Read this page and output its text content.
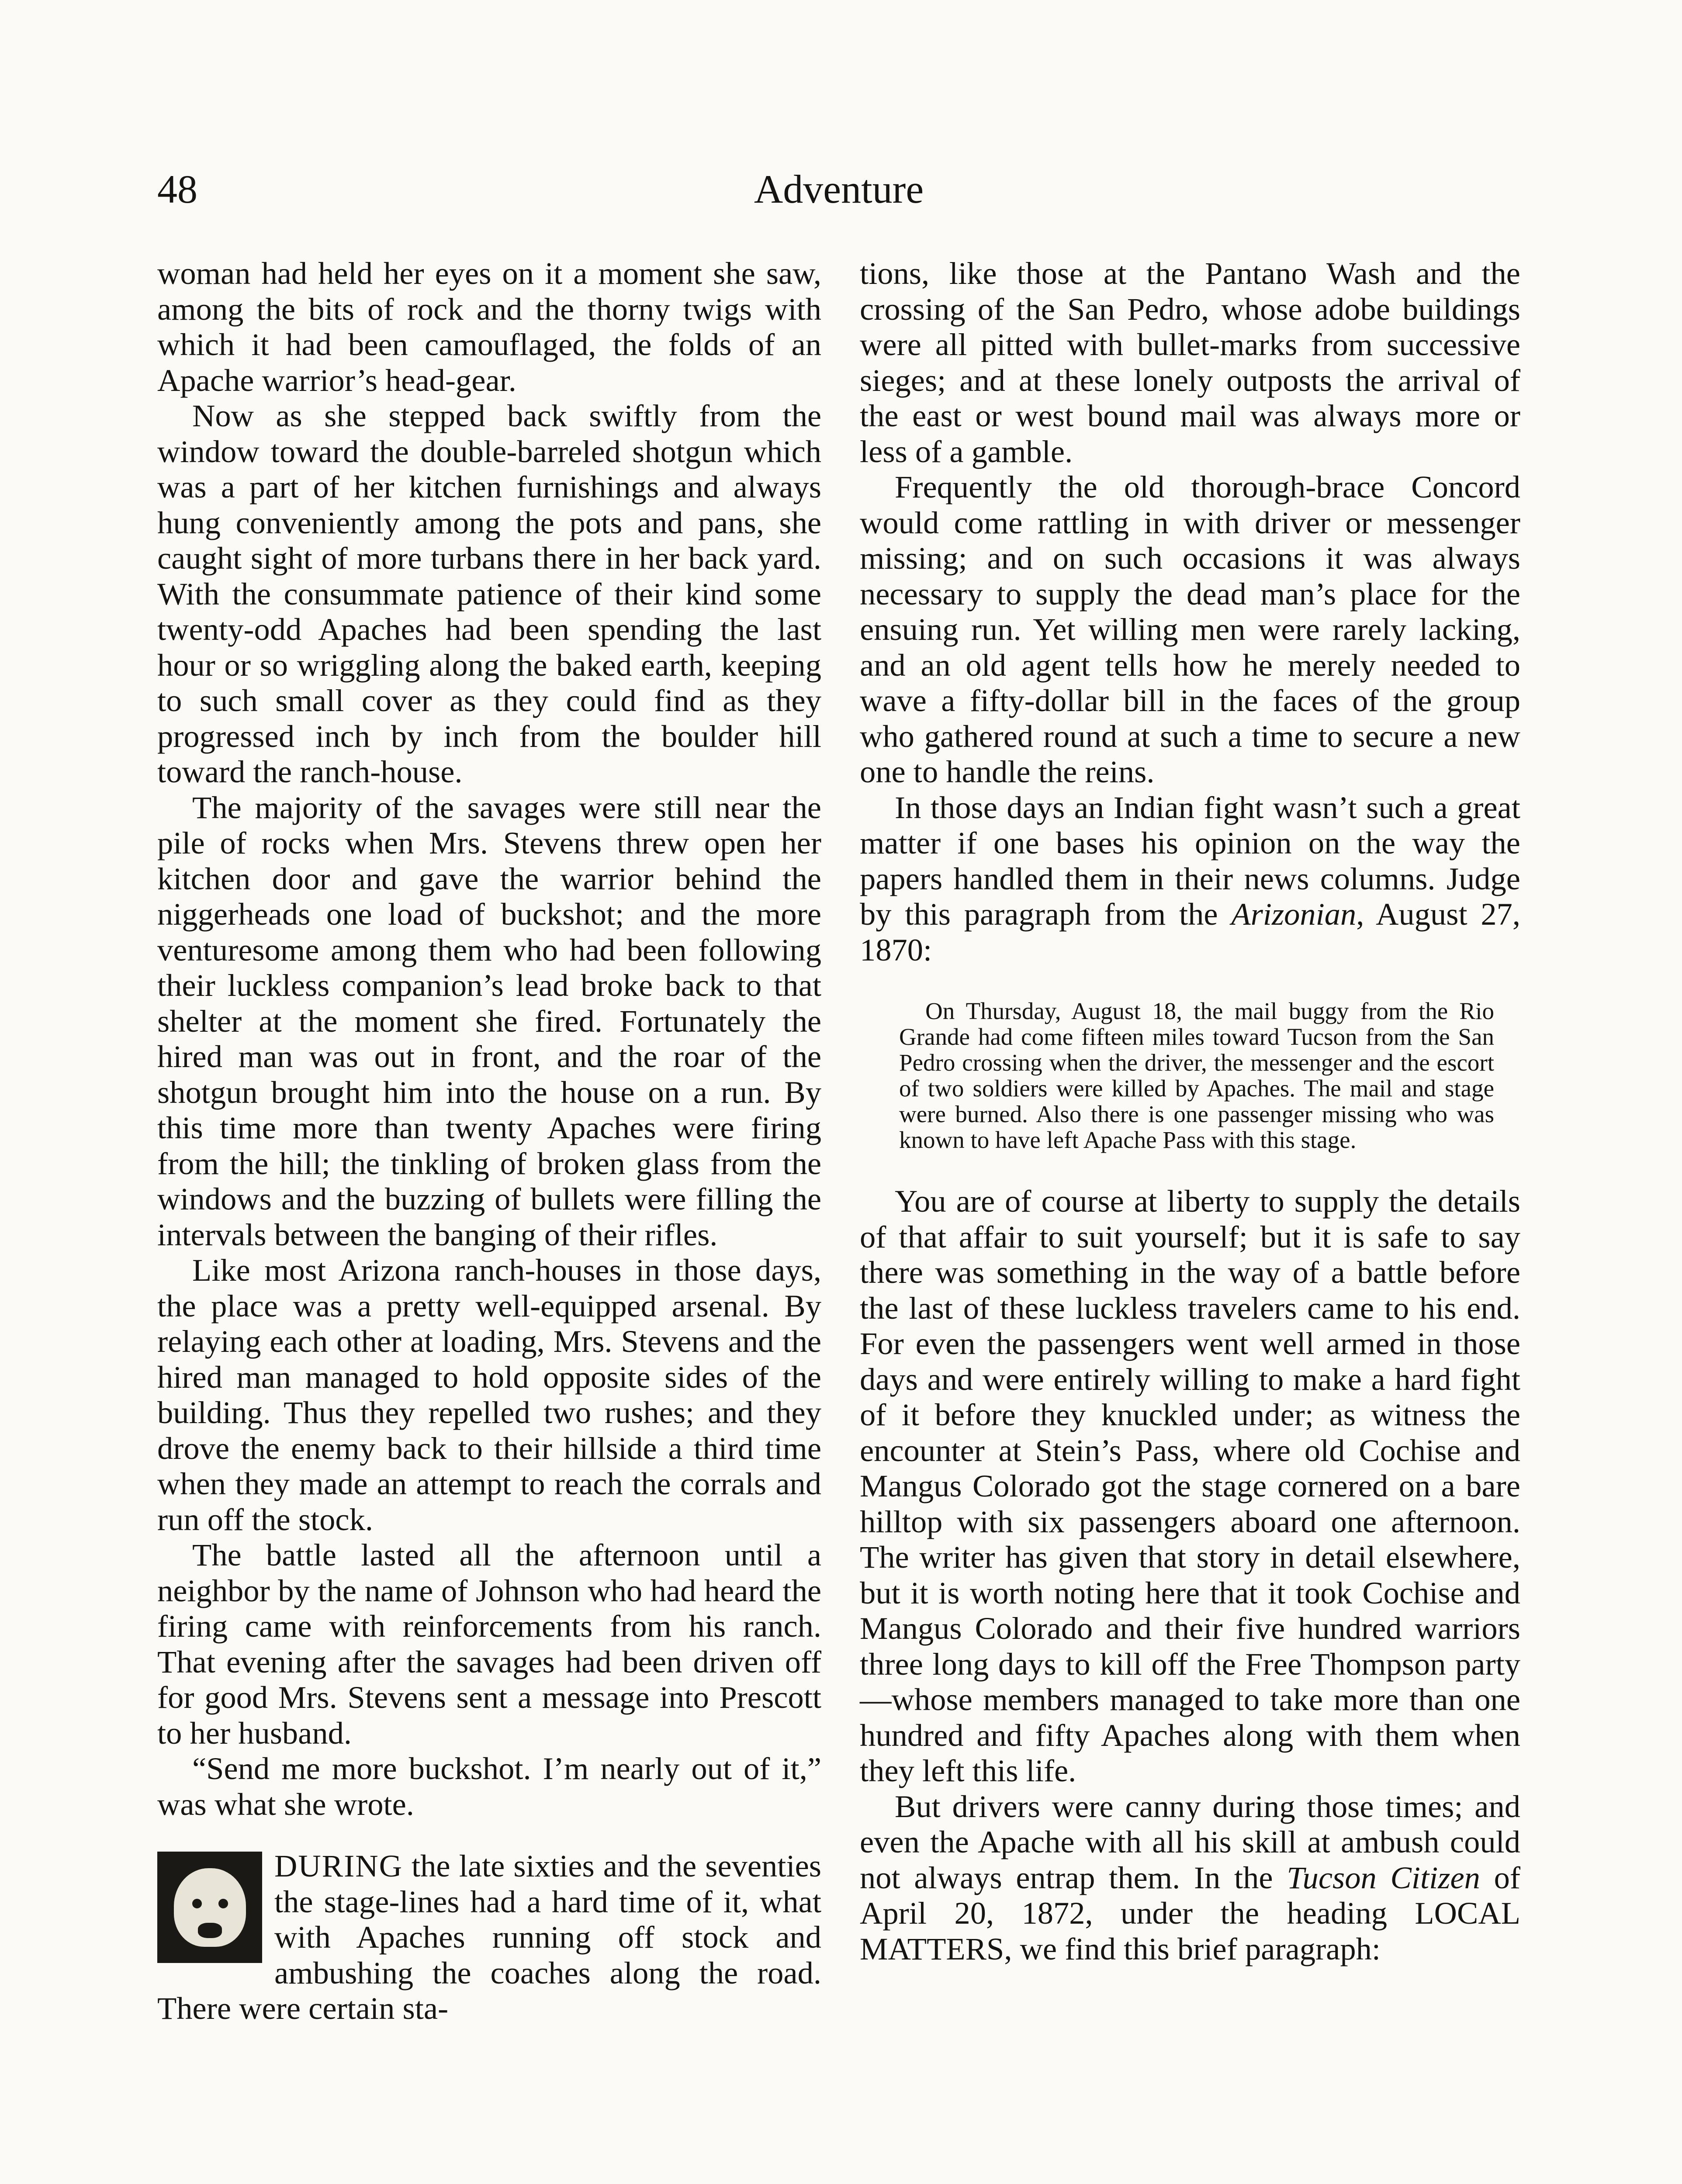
48	Adventure

woman had held her eyes on it a moment she saw, among the bits of rock and the thorny twigs with which it had been camouflaged, the folds of an Apache warrior’s head-gear.

Now as she stepped back swiftly from the window toward the double-barreled shotgun which was a part of her kitchen furnishings and always hung conveniently among the pots and pans, she caught sight of more turbans there in her back yard. With the consummate patience of their kind some twenty-odd Apaches had been spending the last hour or so wriggling along the baked earth, keeping to such small cover as they could find as they progressed inch by inch from the boulder hill toward the ranch-house.

The majority of the savages were still near the pile of rocks when Mrs. Stevens threw open her kitchen door and gave the warrior behind the niggerheads one load of buckshot; and the more venturesome among them who had been following their luckless companion’s lead broke back to that shelter at the moment she fired. Fortunately the hired man was out in front, and the roar of the shotgun brought him into the house on a run. By this time more than twenty Apaches were firing from the hill; the tinkling of broken glass from the windows and the buzzing of bullets were filling the intervals between the banging of their rifles.

Like most Arizona ranch-houses in those days, the place was a pretty well-equipped arsenal. By relaying each other at loading, Mrs. Stevens and the hired man managed to hold opposite sides of the building. Thus they repelled two rushes; and they drove the enemy back to their hillside a third time when they made an attempt to reach the corrals and run off the stock.

The battle lasted all the afternoon until a neighbor by the name of Johnson who had heard the firing came with reinforcements from his ranch. That evening after the savages had been driven off for good Mrs. Stevens sent a message into Prescott to her husband.

“Send me more buckshot. I’m nearly out of it,” was what she wrote.

DURING the late sixties and the seventies the stage-lines had a hard time of it, what with Apaches running off stock and ambushing the coaches along the road. There were certain sta-

tions, like those at the Pantano Wash and the crossing of the San Pedro, whose adobe buildings were all pitted with bullet-marks from successive sieges; and at these lonely outposts the arrival of the east or west bound mail was always more or less of a gamble.

Frequently the old thorough-brace Concord would come rattling in with driver or messenger missing; and on such occasions it was always necessary to supply the dead man’s place for the ensuing run. Yet willing men were rarely lacking, and an old agent tells how he merely needed to wave a fifty-dollar bill in the faces of the group who gathered round at such a time to secure a new one to handle the reins.

In those days an Indian fight wasn’t such a great matter if one bases his opinion on the way the papers handled them in their news columns. Judge by this paragraph from the Arizonian, August 27, 1870:

On Thursday, August 18, the mail buggy from the Rio Grande had come fifteen miles toward Tucson from the San Pedro crossing when the driver, the messenger and the escort of two soldiers were killed by Apaches. The mail and stage were burned. Also there is one passenger missing who was known to have left Apache Pass with this stage.

You are of course at liberty to supply the details of that affair to suit yourself; but it is safe to say there was something in the way of a battle before the last of these luckless travelers came to his end. For even the passengers went well armed in those days and were entirely willing to make a hard fight of it before they knuckled under; as witness the encounter at Stein’s Pass, where old Cochise and Mangus Colorado got the stage cornered on a bare hilltop with six passengers aboard one afternoon. The writer has given that story in detail elsewhere, but it is worth noting here that it took Cochise and Mangus Colorado and their five hundred warriors three long days to kill off the Free Thompson party—whose members managed to take more than one hundred and fifty Apaches along with them when they left this life.

But drivers were canny during those times; and even the Apache with all his skill at ambush could not always entrap them. In the Tucson Citizen of April 20, 1872, under the heading LOCAL MATTERS, we find this brief paragraph:
